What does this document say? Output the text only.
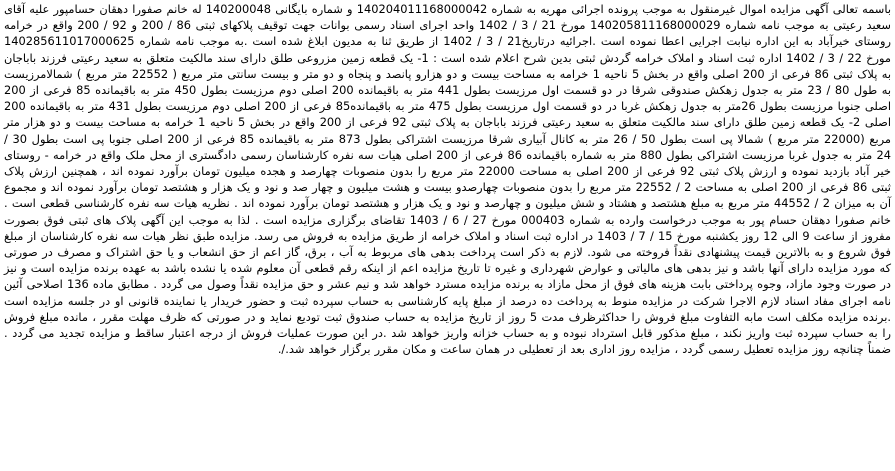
باسمه تعالی آگهی مزایده اموال غیرمنقول به موجب پرونده اجرائی مهریه به شماره 140204011168000042 و شماره بایگانی 140200048 له خانم صفورا دهقان حسامپور علیه آقای سعید رعیتی به موجب نامه شماره 140205811168000029 مورخ 21 / 3 / 1402 واحد اجرای اسناد رسمی بوانات جهت توقیف پلاکهای ثبتی 86 / 200 و 92 / 200 واقع در خرامه روستای خیرآباد به این اداره نیابت اجرایی اعطا نموده است .اجرائیه درتاریخ21 / 3 / 1402 از طریق ثنا به مدیون ابلاغ شده است .به موجب نامه شماره 140285611017000625 مورخ 22 / 3 / 1402 اداره ثبت اسناد و املاک خرامه گردش ثبتی بدین شرح اعلام شده است : 1- یک قطعه زمین مزروعی طلق دارای سند مالکیت متعلق به سعید رعیتی فرزند باباجان به پلاک ثبتی 86 فرعی از 200 اصلی واقع در بخش 5 ناحیه 1 خرامه به مساحت بیست و دو هزارو پانصد و پنجاه و دو متر و بیست سانتی متر مربع ( 22552 متر مربع ) شمالامرزیست به طول 80 / 23 متر به جدول زهکش صندوقی شرقا در دو قسمت اول مرزیست بطول 441 متر به باقیمانده 200 اصلی دوم مرزیست بطول 450 متر به باقیمانده 85 فرعی از 200 اصلی جنوبا مرزیست بطول 26متر به جدول زهکش غربا در دو قسمت اول مرزیست بطول 475 متر به باقیمانده85 فرعی از 200 اصلی دوم مرزیست بطول 431 متر به باقیمانده 200 اصلی 2- یک قطعه زمین طلق دارای سند مالکیت متعلق به سعید رعیتی فرزند باباجان به پلاک ثبتی 92 فرعی از 200 واقع در بخش 5 ناحیه 1 خرامه به مساحت بیست و دو هزار متر مربع (22000 متر مربع ) شمالا پی است بطول 50 / 26 متر به کانال آبیاری شرقا مرزیست اشتراکی بطول 873 متر به باقیمانده 85 فرعی از 200 اصلی جنوبا پی است بطول 30 / 24 متر به جدول غربا مرزیست اشتراکی بطول 880 متر به شماره باقیمانده 86 فرعی از 200 اصلی هیات سه نفره کارشناسان رسمی دادگستری از محل ملک واقع در خرامه - روستای خیر آباد بازدید نموده و ارزش پلاک ثبتی 92 فرعی از 200 اصلی به مساحت 22000 متر مربع را بدون منصوبات چهارصد و هجده میلیون تومان برآورد نموده اند ، همچنین ارزش پلاک ثبتی 86 فرعی از 200 اصلی به مساحت 2 / 22552 متر مربع را بدون منصوبات چهارصدو بیست و هشت میلیون و چهار صد و نود و یک هزار و هشتصد تومان برآورد نموده اند و مجموع آن به میزان 2 / 44552 متر مربع به مبلغ هشتصد و هشتاد و شش میلیون و چهارصد و نود و یک هزار و هشتصد تومان برآورد نموده اند . نظریه هیات سه نفره کارشناسی قطعی است . خانم صفورا دهقان حسام پور به موجب درخواست وارده به شماره 000403 مورخ 27 / 6 / 1403 تقاضای برگزاری مزایده است . لذا به موجب این آگهی پلاک های ثبتی فوق بصورت مفروز از ساعت 9 الی 12 روز یکشنبه مورخ 15 / 7 / 1403 در اداره ثبت اسناد و املاک خرامه از طریق مزایده به فروش می رسد. مزایده طبق نظر هیات سه نفره کارشناسان از مبلغ فوق شروع و به بالاترین قیمت پیشنهادی نقداً فروخته می شود. لازم به ذکر است پرداخت بدهی های مربوط به آب ، برق، گاز اعم از حق انشعاب و یا حق اشتراک و مصرف در صورتی که مورد مزایده دارای آنها باشد و نیز بدهی های مالیاتی و عوارض شهرداری و غیره تا تاریخ مزایده اعم از اینکه رقم قطعی آن معلوم شده یا نشده باشد به عهده برنده مزایده است و نیز در صورت وجود مازاد، وجوه پرداختی بابت هزینه های فوق از محل مازاد به برنده مزایده مسترد خواهد شد و نیم عشر و حق مزایده نقداً وصول می گردد . مطابق ماده 136 اصلاحی آئین نامه اجرای مفاد اسناد لازم الاجرا شرکت در مزایده منوط به پرداخت ده درصد از مبلغ پایه کارشناسی به حساب سپرده ثبت و حضور خریدار یا نماینده قانونی او در جلسه مزایده است .برنده مزایده مکلف است مابه التفاوت مبلغ فروش را حداکثرظرف مدت 5 روز از تاریخ مزایده به حساب صندوق ثبت تودیع نماید و در صورتی که ظرف مهلت مقرر ، مانده مبلغ فروش را به حساب سپرده ثبت واریز نکند ، مبلغ مذکور قابل استرداد نبوده و به حساب خزانه واریز خواهد شد .در این صورت عملیات فروش از درجه اعتبار ساقط و مزایده تجدید می گردد . ضمناً چنانچه روز مزایده تعطیل رسمی گردد ، مزایده روز اداری بعد از تعطیلی در همان ساعت و مکان مقرر برگزار خواهد شد./.
